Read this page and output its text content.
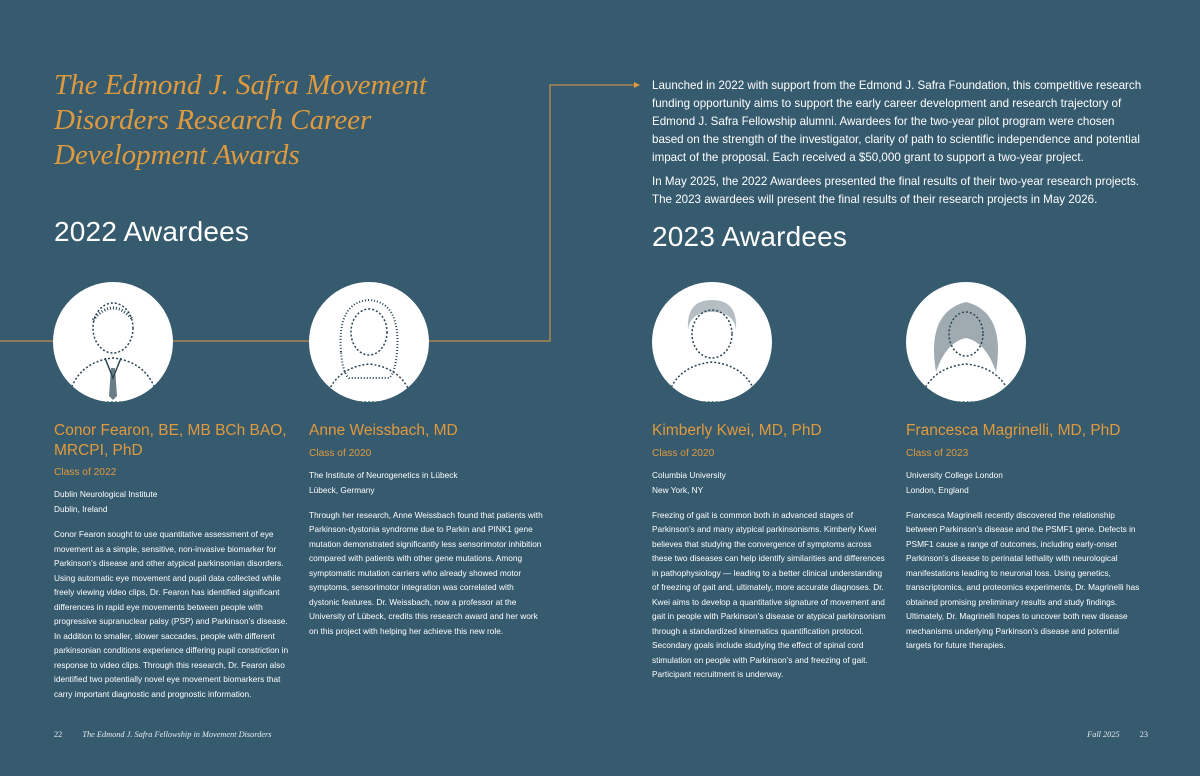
The Edmond J. Safra Movement Disorders Research Career Development Awards

Launched in 2022 with support from the Edmond J. Safra Foundation, this competitive research funding opportunity aims to support the early career development and research trajectory of Edmond J. Safra Fellowship alumni. Awardees for the two-year pilot program were chosen based on the strength of the investigator, clarity of path to scientific independence and potential impact of the proposal. Each received a $50,000 grant to support a two-year project.

In May 2025, the 2022 Awardees presented the final results of their two-year research projects. The 2023 awardees will present the final results of their research projects in May 2026.

2022 Awardees	2023 Awardees
Conor Fearon, BE, MB BCh BAO, MRCPI, PhD
Class of 2022
Dublin Neurological Institute
Dublin, Ireland

Conor Fearon sought to use quantitative assessment of eye movement as a simple, sensitive, non-invasive biomarker for Parkinson’s disease and other atypical parkinsonian disorders. Using automatic eye movement and pupil data collected while freely viewing video clips, Dr. Fearon has identified significant differences in rapid eye movements between people with progressive supranuclear palsy (PSP) and Parkinson’s disease. In addition to smaller, slower saccades, people with different parkinsonian conditions experience differing pupil constriction in response to video clips. Through this research, Dr. Fearon also identified two potentially novel eye movement biomarkers that carry important diagnostic and prognostic information.

Anne Weissbach, MD
Class of 2020
The Institute of Neurogenetics in Lübeck
Lübeck, Germany

Through her research, Anne Weissbach found that patients with Parkinson-dystonia syndrome due to Parkin and PINK1 gene mutation demonstrated significantly less sensorimotor inhibition compared with patients with other gene mutations. Among symptomatic mutation carriers who already showed motor symptoms, sensorimotor integration was correlated with dystonic features. Dr. Weissbach, now a professor at the University of Lübeck, credits this research award and her work on this project with helping her achieve this new role.

Kimberly Kwei, MD, PhD
Class of 2020
Columbia University
New York, NY

Freezing of gait is common both in advanced stages of Parkinson’s and many atypical parkinsonisms. Kimberly Kwei believes that studying the convergence of symptoms across these two diseases can help identify similarities and differences in pathophysiology — leading to a better clinical understanding of freezing of gait and, ultimately, more accurate diagnoses. Dr. Kwei aims to develop a quantitative signature of movement and gait in people with Parkinson’s disease or atypical parkinsonism through a standardized kinematics quantification protocol. Secondary goals include studying the effect of spinal cord stimulation on people with Parkinson’s and freezing of gait. Participant recruitment is underway.

Francesca Magrinelli, MD, PhD
Class of 2023
University College London
London, England

Francesca Magrinelli recently discovered the relationship between Parkinson’s disease and the PSMF1 gene. Defects in PSMF1 cause a range of outcomes, including early-onset Parkinson’s disease to perinatal lethality with neurological manifestations leading to neuronal loss. Using genetics, transcriptomics, and proteomics experiments, Dr. Magrinelli has obtained promising preliminary results and study findings. Ultimately, Dr. Magrinelli hopes to uncover both new disease mechanisms underlying Parkinson’s disease and potential targets for future therapies.

22 The Edmond J. Safra Fellowship in Movement Disorders	Fall 2025 23
